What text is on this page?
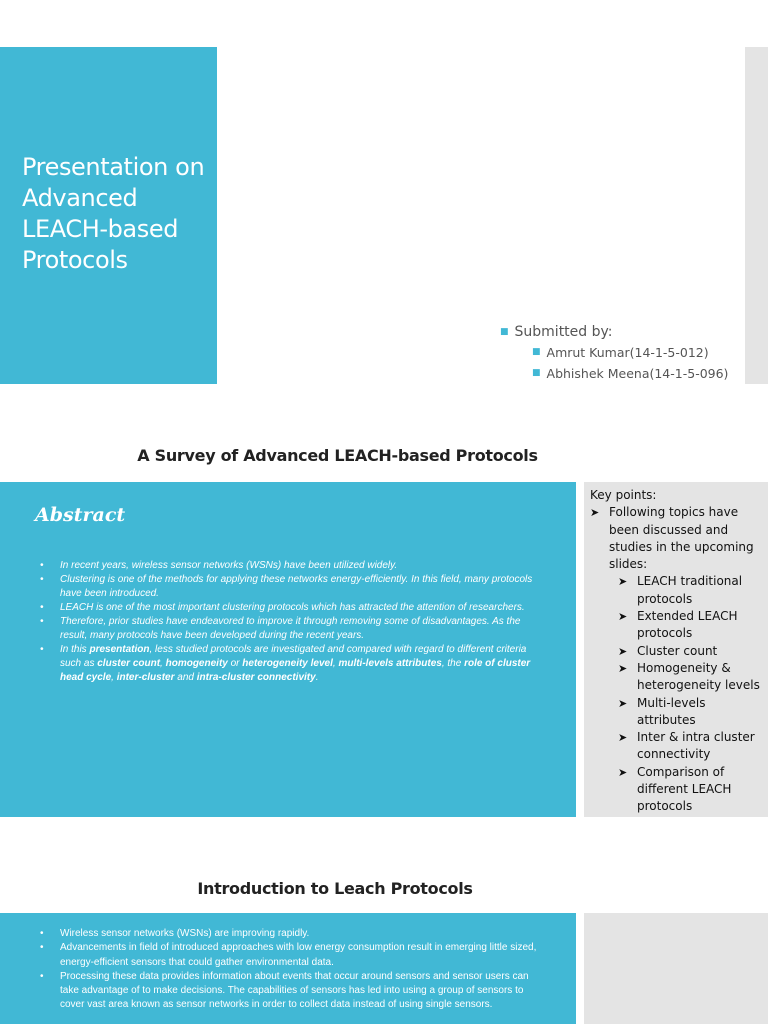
Presentation on Advanced LEACH-based Protocols
■ Submitted by:
■ Amrut Kumar(14-1-5-012)
■ Abhishek Meena(14-1-5-096)
A Survey of Advanced LEACH-based Protocols
Abstract
• In recent years, wireless sensor networks (WSNs) have been utilized widely.
• Clustering is one of the methods for applying these networks energy-efficiently. In this field, many protocols have been introduced.
• LEACH is one of the most important clustering protocols which has attracted the attention of researchers.
• Therefore, prior studies have endeavored to improve it through removing some of disadvantages. As the result, many protocols have been developed during the recent years.
• In this presentation, less studied protocols are investigated and compared with regard to different criteria such as cluster count, homogeneity or heterogeneity level, multi-levels attributes, the role of cluster head cycle, inter-cluster and intra-cluster connectivity.
Key points:
➤ Following topics have been discussed and studies in the upcoming slides:
➤ LEACH traditional protocols
➤ Extended LEACH protocols
➤ Cluster count
➤ Homogeneity & heterogeneity levels
➤ Multi-levels attributes
➤ Inter & intra cluster connectivity
➤ Comparison of different LEACH protocols
Introduction to Leach Protocols
• Wireless sensor networks (WSNs) are improving rapidly.
• Advancements in field of introduced approaches with low energy consumption result in emerging little sized, energy-efficient sensors that could gather environmental data.
• Processing these data provides information about events that occur around sensors and sensor users can take advantage of to make decisions. The capabilities of sensors has led into using a group of sensors to cover vast area known as sensor networks in order to collect data instead of using single sensors.
